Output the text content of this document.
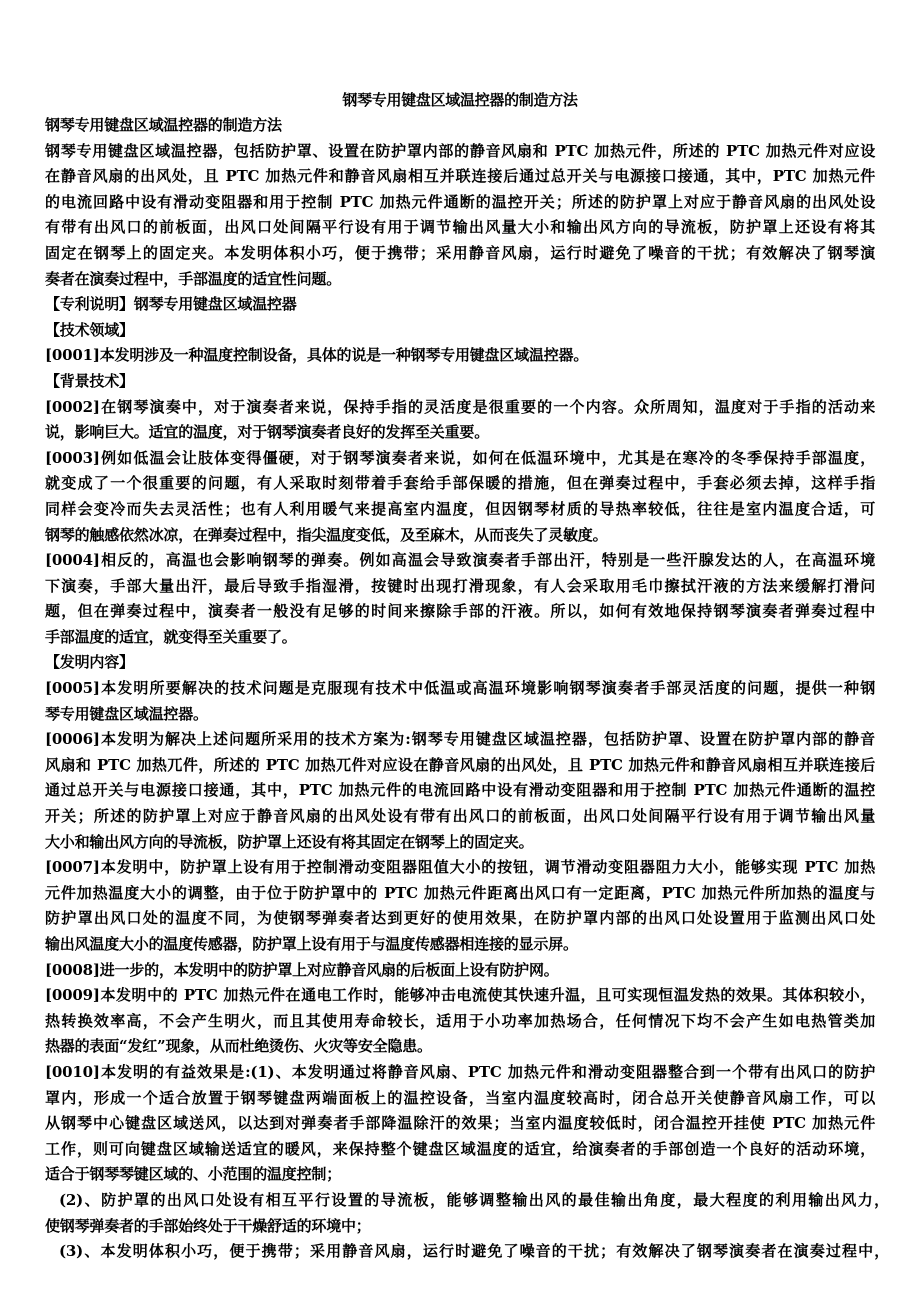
钢琴专用键盘区域温控器的制造方法
钢琴专用键盘区域温控器的制造方法
钢琴专用键盘区域温控器，包括防护罩、设置在防护罩内部的静音风扇和 PTC 加热元件，所述的 PTC 加热元件对应设
在静音风扇的出风处，且 PTC 加热元件和静音风扇相互并联连接后通过总开关与电源接口接通，其中，PTC 加热元件
的电流回路中设有滑动变阻器和用于控制 PTC 加热元件通断的温控开关；所述的防护罩上对应于静音风扇的出风处设
有带有出风口的前板面，出风口处间隔平行设有用于调节输出风量大小和输出风方向的导流板，防护罩上还设有将其
固定在钢琴上的固定夹。本发明体积小巧，便于携带；采用静音风扇，运行时避免了噪音的干扰；有效解决了钢琴演
奏者在演奏过程中，手部温度的适宜性问题。
【专利说明】钢琴专用键盘区域温控器
【技术领域】
[0001]本发明涉及一种温度控制设备，具体的说是一种钢琴专用键盘区域温控器。
【背景技术】
[0002]在钢琴演奏中，对于演奏者来说，保持手指的灵活度是很重要的一个内容。众所周知，温度对于手指的活动来
说，影响巨大。适宜的温度，对于钢琴演奏者良好的发挥至关重要。
[0003]例如低温会让肢体变得僵硬，对于钢琴演奏者来说，如何在低温环境中，尤其是在寒冷的冬季保持手部温度，
就变成了一个很重要的问题，有人采取时刻带着手套给手部保暖的措施，但在弹奏过程中，手套必须去掉，这样手指
同样会变冷而失去灵活性；也有人利用暖气来提高室内温度，但因钢琴材质的导热率较低，往往是室内温度合适，可
钢琴的触感依然冰凉，在弹奏过程中，指尖温度变低，及至麻木，从而丧失了灵敏度。
[0004]相反的，高温也会影响钢琴的弹奏。例如高温会导致演奏者手部出汗，特别是一些汗腺发达的人，在高温环境
下演奏，手部大量出汗，最后导致手指湿滑，按键时出现打滑现象，有人会采取用毛巾擦拭汗液的方法来缓解打滑问
题，但在弹奏过程中，演奏者一般没有足够的时间来擦除手部的汗液。所以，如何有效地保持钢琴演奏者弹奏过程中
手部温度的适宜，就变得至关重要了。
【发明内容】
[0005]本发明所要解决的技术问题是克服现有技术中低温或高温环境影响钢琴演奏者手部灵活度的问题，提供一种钢
琴专用键盘区域温控器。
[0006]本发明为解决上述问题所采用的技术方案为:钢琴专用键盘区域温控器，包括防护罩、设置在防护罩内部的静音
风扇和 PTC 加热兀件，所述的 PTC 加热兀件对应设在静音风扇的出风处，且 PTC 加热元件和静音风扇相互并联连接后
通过总开关与电源接口接通，其中，PTC 加热元件的电流回路中设有滑动变阻器和用于控制 PTC 加热元件通断的温控
开关；所述的防护罩上对应于静音风扇的出风处设有带有出风口的前板面，出风口处间隔平行设有用于调节输出风量
大小和输出风方向的导流板，防护罩上还设有将其固定在钢琴上的固定夹。
[0007]本发明中，防护罩上设有用于控制滑动变阻器阻值大小的按钮，调节滑动变阻器阻力大小，能够实现 PTC 加热
元件加热温度大小的调整，由于位于防护罩中的 PTC 加热元件距离出风口有一定距离，PTC 加热元件所加热的温度与
防护罩出风口处的温度不同，为使钢琴弹奏者达到更好的使用效果，在防护罩内部的出风口处设置用于监测出风口处
输出风温度大小的温度传感器，防护罩上设有用于与温度传感器相连接的显示屏。
[0008]进一步的，本发明中的防护罩上对应静音风扇的后板面上设有防护网。
[0009]本发明中的 PTC 加热元件在通电工作时，能够冲击电流使其快速升温，且可实现恒温发热的效果。其体积较小，
热转换效率高，不会产生明火，而且其使用寿命较长，适用于小功率加热场合，任何情况下均不会产生如电热管类加
热器的表面“发红”现象，从而杜绝烫伤、火灾等安全隐患。
[0010]本发明的有益效果是:(1)、本发明通过将静音风扇、PTC 加热元件和滑动变阻器整合到一个带有出风口的防护
罩内，形成一个适合放置于钢琴键盘两端面板上的温控设备，当室内温度较高时，闭合总开关使静音风扇工作，可以
从钢琴中心键盘区域送风，以达到对弹奏者手部降温除汗的效果；当室内温度较低时，闭合温控开挂使 PTC 加热元件
工作，则可向键盘区域输送适宜的暖风，来保持整个键盘区域温度的适宜，给演奏者的手部创造一个良好的活动环境，
适合于钢琴琴键区域的、小范围的温度控制；
(2)、防护罩的出风口处设有相互平行设置的导流板，能够调整输出风的最佳输出角度，最大程度的利用输出风力，
使钢琴弹奏者的手部始终处于干燥舒适的环境中；
(3)、本发明体积小巧，便于携带；采用静音风扇，运行时避免了噪音的干扰；有效解决了钢琴演奏者在演奏过程中，
